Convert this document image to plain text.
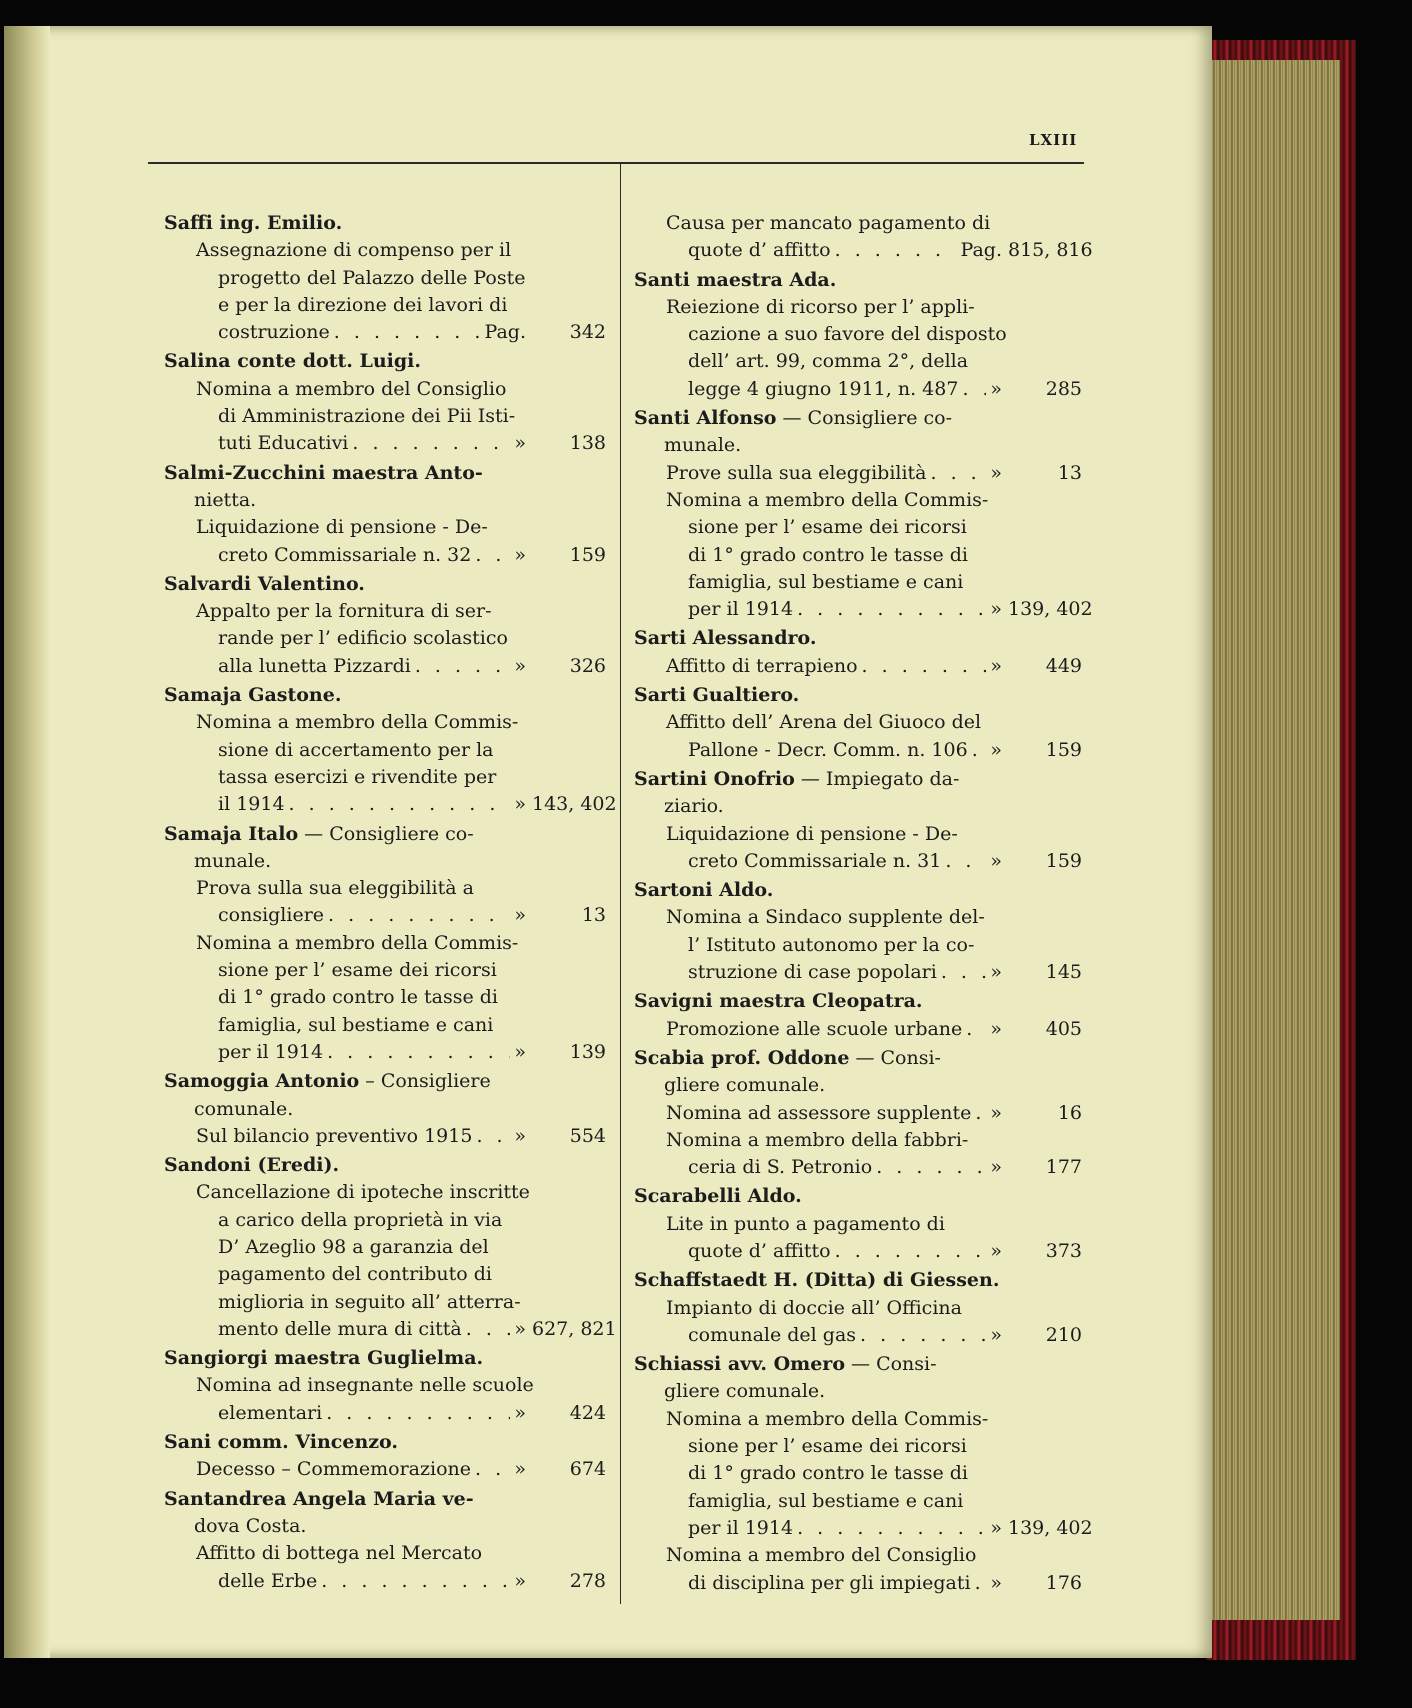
LXIII
Saffi ing. Emilio.
Assegnazione di compenso per il
progetto del Palazzo delle Poste
e per la direzione dei lavori di
costruzione . . .	Pag.	342
Salina conte dott. Luigi.
Nomina a membro del Consiglio
di Amministrazione dei Pii Isti-
tuti Educativi . . .	»	138
Salmi-Zucchini maestra Anto-
nietta.
Liquidazione di pensione - De-
creto Commissariale n. 32 . . . »	159
Salvardi Valentino.
Appalto per la fornitura di ser-
rande per l’ edificio scolastico
alla lunetta Pizzardi . . .	»	326
Samaja Gastone.
Nomina a membro della Commis-
sione di accertamento per la
tassa esercizi e rivendite per
il 1914 . . .	» 143, 402
Samaja Italo — Consigliere co-
munale.
Prova sulla sua eleggibilità a
consigliere . . .	»	13
Nomina a membro della Commis-
sione per l’ esame dei ricorsi
di 1° grado contro le tasse di
famiglia, sul bestiame e cani
per il 1914 . . .	»	139
Samoggia Antonio – Consigliere
comunale.
Sul bilancio preventivo 1915 . . . »	554
Sandoni (Eredi).
Cancellazione di ipoteche inscritte
a carico della proprietà in via
D’ Azeglio 98 a garanzia del
pagamento del contributo di
miglioria in seguito all’ atterra-
mento delle mura di città . . .	» 627, 821
Sangiorgi maestra Guglielma.
Nomina ad insegnante nelle scuole
elementari . . .	»	424
Sani comm. Vincenzo.
Decesso – Commemorazione . . . »	674
Santandrea Angela Maria ve-
dova Costa.
Affitto di bottega nel Mercato
delle Erbe . . .	»	278
Causa per mancato pagamento di
quote d’ affitto . . .	Pag. 815, 816
Santi maestra Ada.
Reiezione di ricorso per l’ appli-
cazione a suo favore del disposto
dell’ art. 99, comma 2°, della
legge 4 giugno 1911, n. 487 . . . »	285
Santi Alfonso — Consigliere co-
munale.
Prove sulla sua eleggibilità . . .	»	13
Nomina a membro della Commis-
sione per l’ esame dei ricorsi
di 1° grado contro le tasse di
famiglia, sul bestiame e cani
per il 1914 . . .	» 139, 402
Sarti Alessandro.
Affitto di terrapieno . . .	»	449
Sarti Gualtiero.
Affitto dell’ Arena del Giuoco del
Pallone - Decr. Comm. n. 106 . . . »	159
Sartini Onofrio — Impiegato da-
ziario.
Liquidazione di pensione - De-
creto Commissariale n. 31 . . .	»	159
Sartoni Aldo.
Nomina a Sindaco supplente del-
l’ Istituto autonomo per la co-
struzione di case popolari . . .	»	145
Savigni maestra Cleopatra.
Promozione alle scuole urbane . . . »	405
Scabia prof. Oddone — Consi-
gliere comunale.
Nomina ad assessore supplente . . . »	16
Nomina a membro della fabbri-
ceria di S. Petronio . . .	»	177
Scarabelli Aldo.
Lite in punto a pagamento di
quote d’ affitto . . .	»	373
Schaffstaedt H. (Ditta) di Giessen.
Impianto di doccie all’ Officina
comunale del gas . . .	»	210
Schiassi avv. Omero — Consi-
gliere comunale.
Nomina a membro della Commis-
sione per l’ esame dei ricorsi
di 1° grado contro le tasse di
famiglia, sul bestiame e cani
per il 1914 . . .	» 139, 402
Nomina a membro del Consiglio
di disciplina per gli impiegati . . . »	176
